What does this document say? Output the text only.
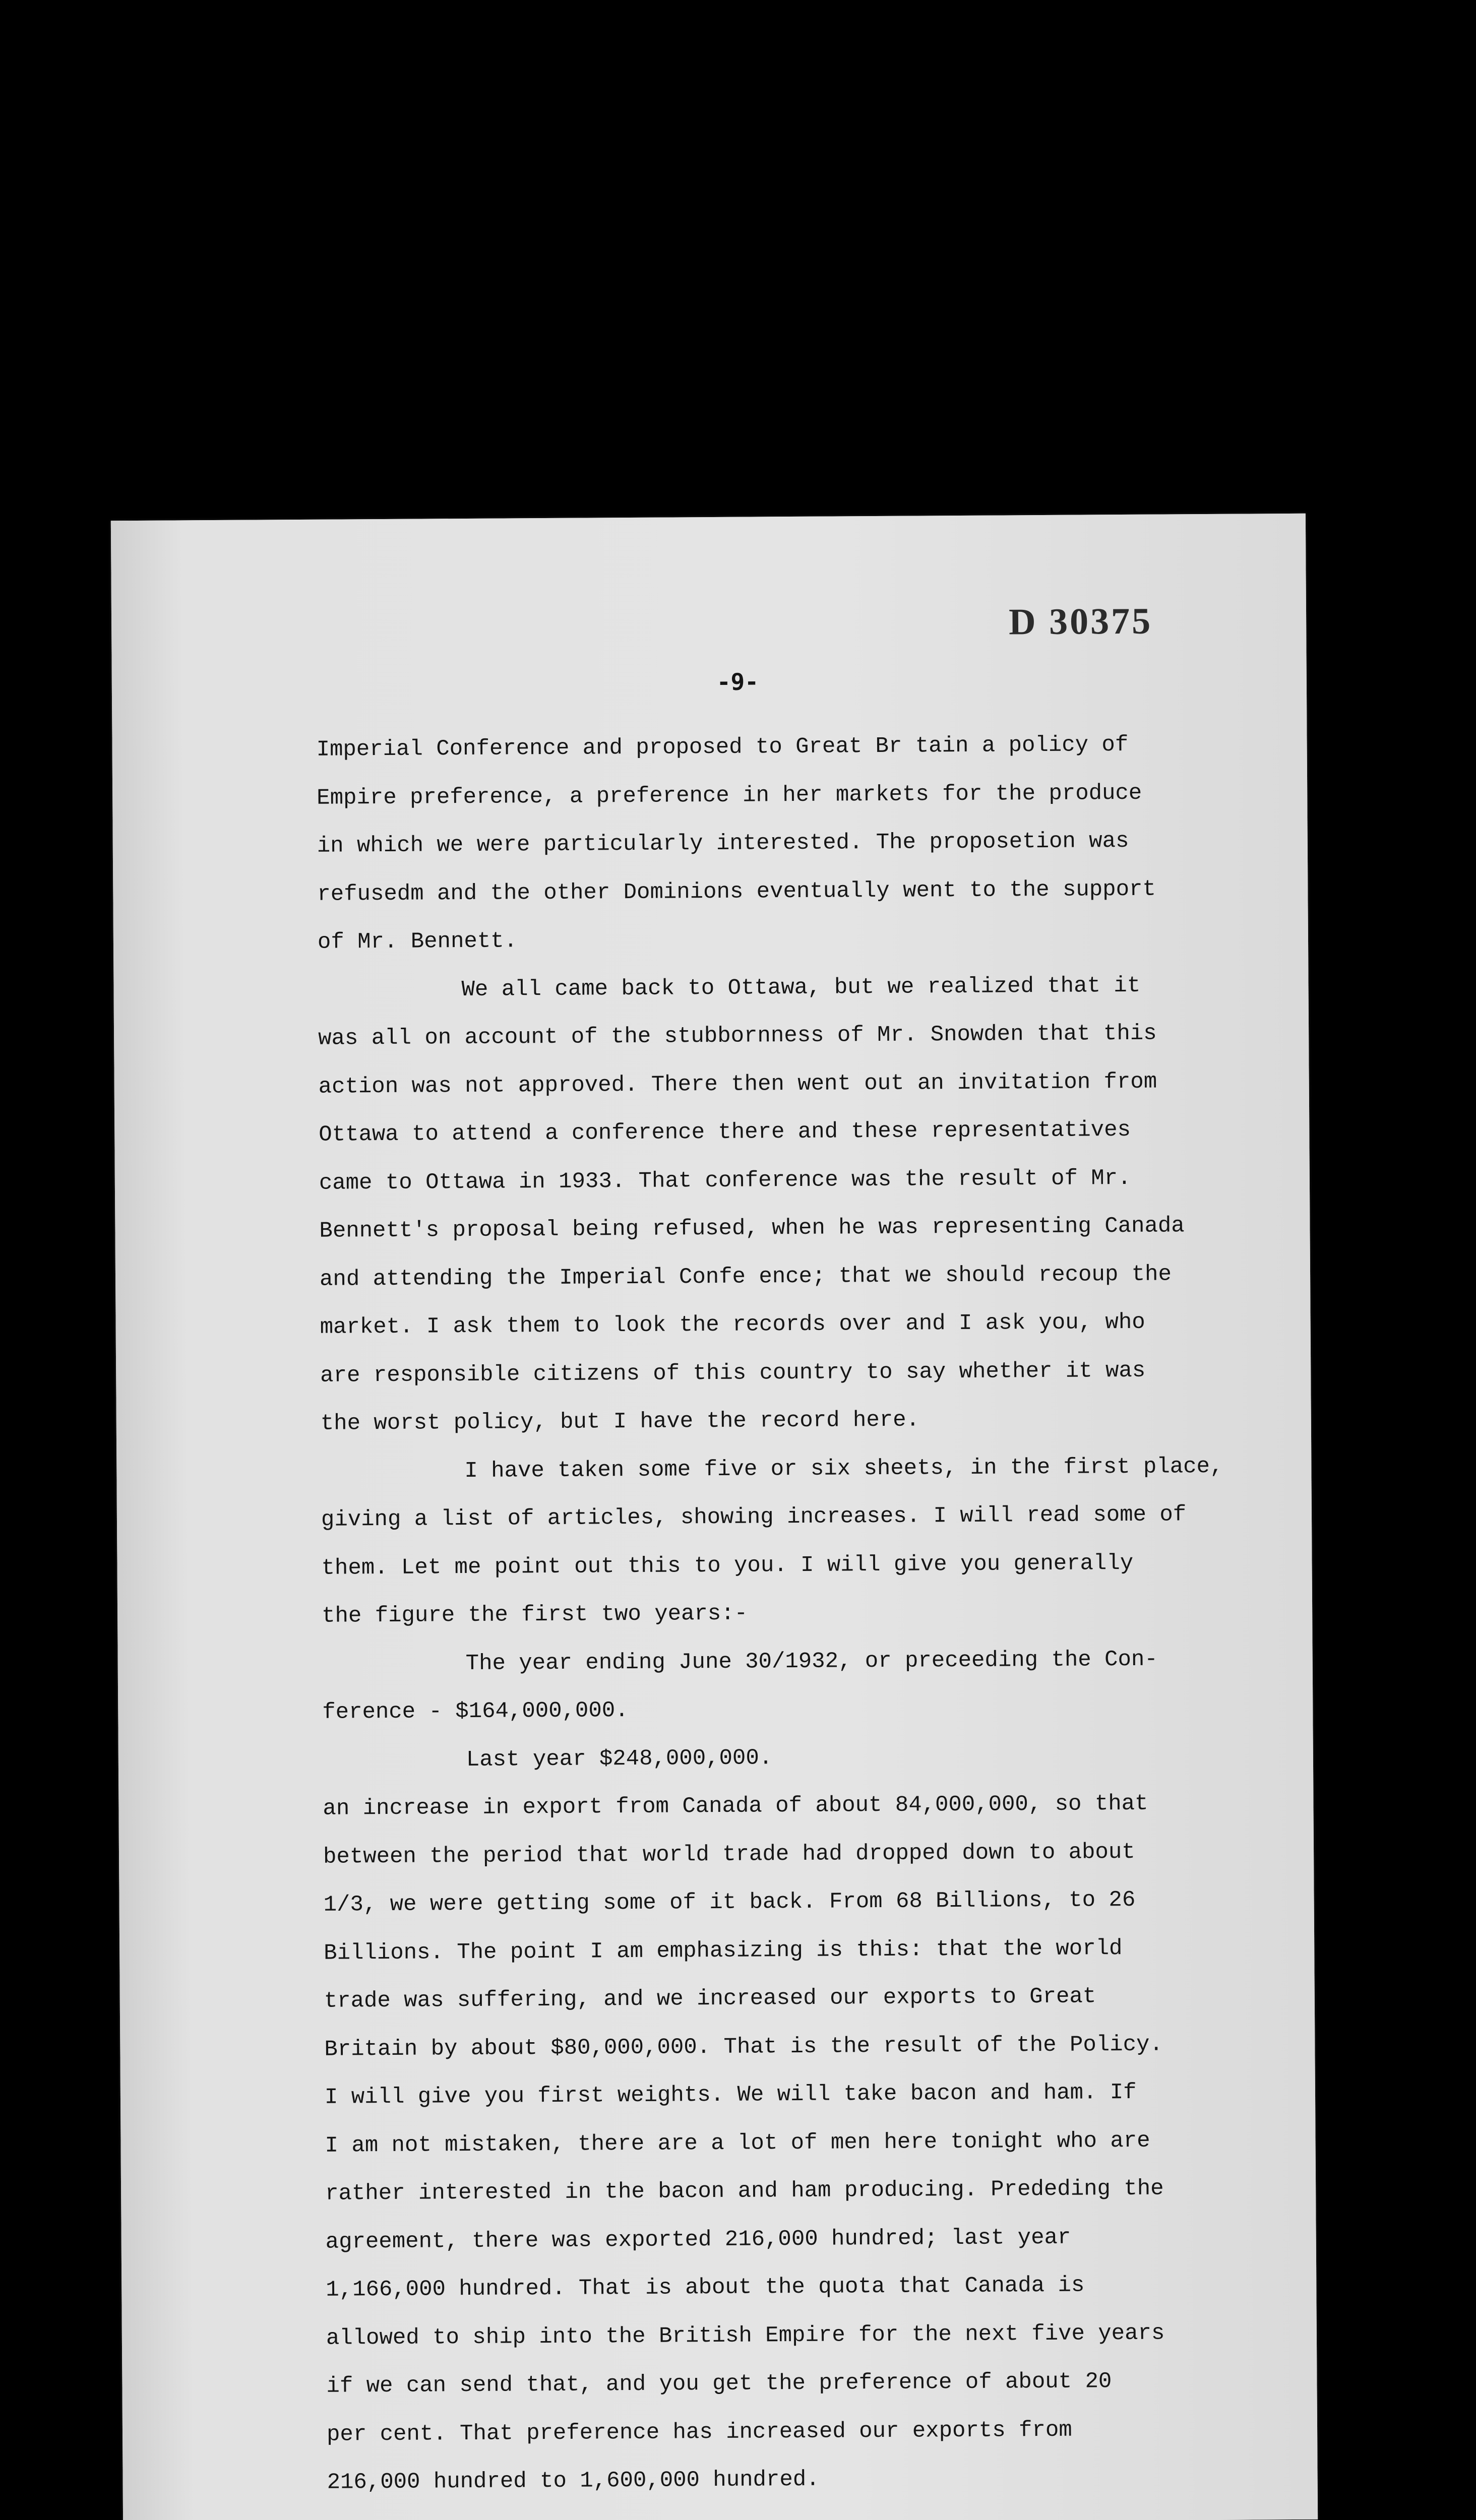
D 30375
-9-
Imperial Conference and proposed to Great Br tain a policy of
Empire preference, a preference in her markets for the produce
in which we were particularly interested. The proposetion was
refusedm and the other Dominions eventually went to the support
of Mr. Bennett.
We all came back to Ottawa, but we realized that it
was all on account of the stubbornness of Mr. Snowden that this
action was not approved. There then went out an invitation from
Ottawa to attend a conference there and these representatives
came to Ottawa in 1933. That conference was the result of Mr.
Bennett's proposal being refused, when he was representing Canada
and attending the Imperial Confe ence; that we should recoup the
market. I ask them to look the records over and I ask you, who
are responsible citizens of this country to say whether it was
the worst policy, but I have the record here.
I have taken some five or six sheets, in the first place,
giving a list of articles, showing increases. I will read some of
them. Let me point out this to you. I will give you generally
the figure the first two years:-
The year ending June 30/1932, or preceeding the Con-
ference - $164,000,000.
Last year $248,000,000.
an increase in export from Canada of about 84,000,000, so that
between the period that world trade had dropped down to about
1/3, we were getting some of it back. From 68 Billions, to 26
Billions. The point I am emphasizing is this: that the world
trade was suffering, and we increased our exports to Great
Britain by about $80,000,000. That is the result of the Policy.
I will give you first weights. We will take bacon and ham. If
I am not mistaken, there are a lot of men here tonight who are
rather interested in the bacon and ham producing. Prededing the
agreement, there was exported 216,000 hundred; last year
1,166,000 hundred. That is about the quota that Canada is
allowed to ship into the British Empire for the next five years
if we can send that, and you get the preference of about 20
per cent. That preference has increased our exports from
216,000 hundred to 1,600,000 hundred.
